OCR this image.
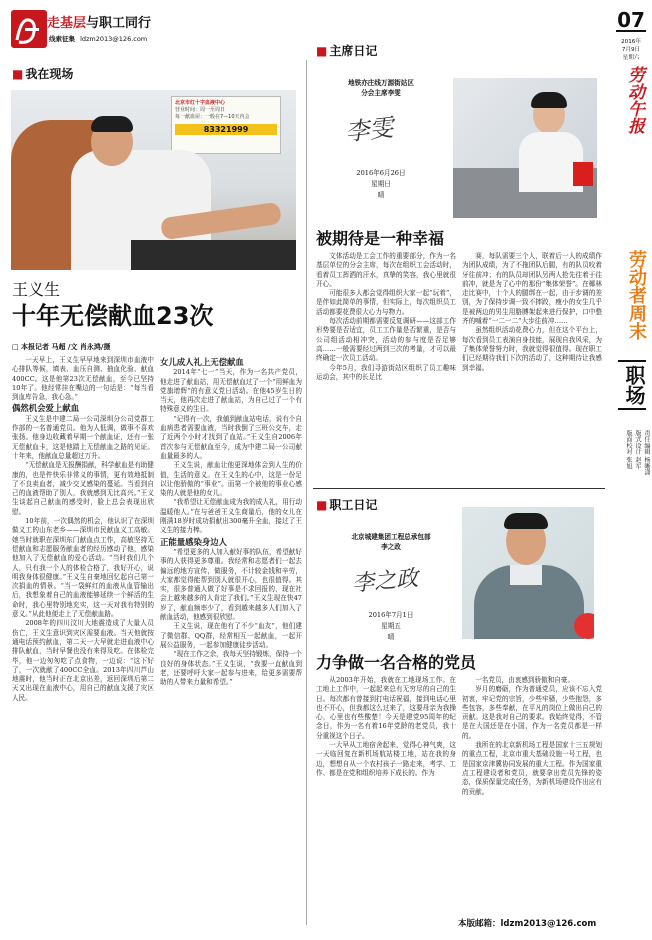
走基层与职工同行
线索征集 ldzm2013@126.com
07
2016年
7月9日
星期六
劳动午报
劳动者周末
职场
责任编辑 杨晰潇
版式设计 赵军
版面校对 张旭
■ 我在现场
北京市红十字血液中心
营业时间：周一至周日
每一献血屋：一般在7—10天内会
83321999
王义生
十年无偿献血23次
□ 本报记者 马超 /文 肖永鸿/摄

一天早上，王义生早早地来到深圳市血液中心排队等候，填表、血压自测、抽血化验、献血400CC。这是他第23次无偿献血，至今已坚持10年了。他经常挂在嘴边的一句话是：“每当看到血库告急，我心急。”

偶然机会爱上献血

王义生是中建二局一公司深圳分公司党群工作部的一名普通党员。他为人低调，做事不喜欢张扬。他身边收藏着早期一个献血证，还有一张无偿献血卡，这是他踏上无偿献血之路的见证。十年来，他献血总量超过万升。

“无偿献血是无报酬捐献，科学献血是有助健康的，也是件快乐非常义的事情，更有效地抵制了不良卖血者，减少交叉感染的蔓延。当看到自己的血液帮助了别人，我就感到无比高兴。”王义生谈起自己献血的感受时，脸上总会表现出欣慰。

10年前，一次偶然的机会，他认识了在深圳做义工的山东老乡——深圳市民献血义工高敏。她当时就职在深圳东门献血点工作，高敏坚持无偿献血和志愿服务献血者的经历感动了他，感染他加入了无偿献血的爱心活动。“当时我们几个人，只有我一个人的体检合格了，我好开心，说明我身体很健康。”王义生自豪地回忆起自己第一次捐血的情景。“当一袋鲜红的血液从血管输出后，我想象着自己的血液能够延续一个鲜活的生命时，我心里特别地充实，这一天对我有特别的意义。”从此他便走上了无偿献血路。

2008年的四川汶川大地震造成了大量人员伤亡，王义生意识到灾区需要血液。当天他就按通电话预约献血，第二天一大早就走进血液中心排队献血，当时早餐也没有来得及吃。在体检完毕，他一边匆匆吃了点食物，一边说：“这下好了，一次就献了400CC全血。2013年四川芦山地震时，他当时正在北京出差，返回深圳后第二天又出现在血液中心，用自己的献血支援了灾区人民。

女儿成人礼上无偿献血

2014年“七一”当天，作为一名共产党员，他走进了献血站，用无偿献血过了一个“用鲜血为党旗增辉”的有意义党日活动。在他45岁生日的当天，他再次走进了献血站，为自己过了一个有特殊意义的生日。

“记得有一次，我値到献血站电话，说有个自血病患者需要血液，当时我倒了三班公交车，走了近两个小时才找到了血站。”王义生自2006年首次参与无偿献血至今，成为中建二局一公司献血量最多的人。

王义生说，献血让他更深地体会到人生的价值，生活的意义。在王义生的心中，这是一份足以让他骄傲的“事业”。而第一个被他的事业心感染的人就是他的女儿。

“我希望让无偿献血成为我的成人礼，用行动温暖他人。”在与爸爸王义生商量后，他的女儿在刚满18岁时成功捐献出300毫升全血，接过了王义生的接力棒。

正能量感染身边人

“希望更多的人加入献好事的队伍，希望献好事的人获得更多尊重。我经常和志愿者们一起去偏远的地方宣传，做服务，不计较金钱和辛劳，大家都觉得能帮到别人就很开心，也很值得。其实，很多普通人做了好事是不求回报的，现在社会上越来越多的人肯定了我们。”王义生现在快47岁了，献血频率少了，看到越来越多人们加入了献血活动，他感到很欣慰。

王义生说，现在他有了不少“血友”，他们建了微信群、QQ群，经常相互一起献血，一起开展公益服务，一起参加健康徒步活动。

“现在工作之余，我每天坚持锻炼，保持一个良好的身体状态。”王义生说，“我要一直献血到老，还要呼吁大家一起参与进来，给更多需要帮助的人带来力量和希望。”

■ 主席日记
地铁亦庄线万源街站区
分会主席李雯
李雯
2016年6月26日
星期日
晴
被期待是一种幸福

文体活动是工会工作的重要部分，作为一名基层单位的分会主席，每次在组织工会活动时，看着员工挥洒的汗水，真挚的笑容，我心里就很开心。

可能很多人都会觉得组织大家一起“玩着”，是伴如此简单的事情，但实际上，每次组织员工活动都要花费很大心力与物力。

每次活动前期都需要反复调研——这部工作形势要是否适宜，员工工作量是否繁重，是否与公司组活动相冲突，活动的参与度是否足够高……一般需要经过两到三次的考量，才可以最终确定一次员工活动。

今年5月，我们寻游街站区组织了员工趣味运动会，其中的长足比

赛，每队需要三个人，联着后一人的成绩作为团队成绩，为了不拖团队后腿，有的队员咬着牙往前冲；有的队员却团队另两人抢先往着于往前冲，就是为了心中的那份“集体荣誉”。在椰林走比赛中，十个人的腿绑在一起，由于步调的差别，为了保持步调一致不摔跤，瘦小的女生几乎是被两边的男生用胳膊架起来进行保护，口中整齐的喊着“一二一二”大步往前冲……

虽然组织活动花费心力，但在这个平台上，每次看到员工表演自身技能，展现自我风采，为了集体荣誉努力时，我就觉得很值得。现在职工们已经期待我们下次的活动了，这种期待让我感到幸福。

■ 职工日记
北京城建集团工程总承包部
李之政
李之政
2016年7月1日
星期五
晴
力争做一名合格的党员

从2003年开始，我就在工地现场工作。在工地上工作中，一起起来总有无穷尽的自己的生日。每次都有曾接到打电话祝福，接到电话心里也不开心，但我都这么过来了，这要母亲为我操心，心里也有些酸楚！今天是建党95周年的纪念日，作为一名有着16年党龄的老党员，我十分重视这个日子。

一大早从工地宿舍起来，觉得心神气爽，这一天临回复在新机场航站楼工地，站在我的身边，想想自从一个农村孩子一路走来，考学、工作、都是在党和组织培养下成长的。作为

一名党员，由衷感到骄傲和自豪。

岁月的磨砺，作为普通党员，应该不忘入党初衷，牢记党的宗旨，少些牢骚，少些抱怨，多些包容，多些奉献，在平凡的岗位上做出自己的贡献。这是我对自己的要求。我始终觉得，不管是在大国还是在小国，作为一名党员都是一样的。

我所在的北京新机场工程是国家十三五规划的重点工程，北京市重大基础设施一号工程，也是国家京津冀协同发展的重大工程。作为国家重点工程建设者和党员，就要拿出党员先锋的姿态，保质保量完成任务，为新机场建设作出应有的贡献。

本版邮箱：ldzm2013@126.com
